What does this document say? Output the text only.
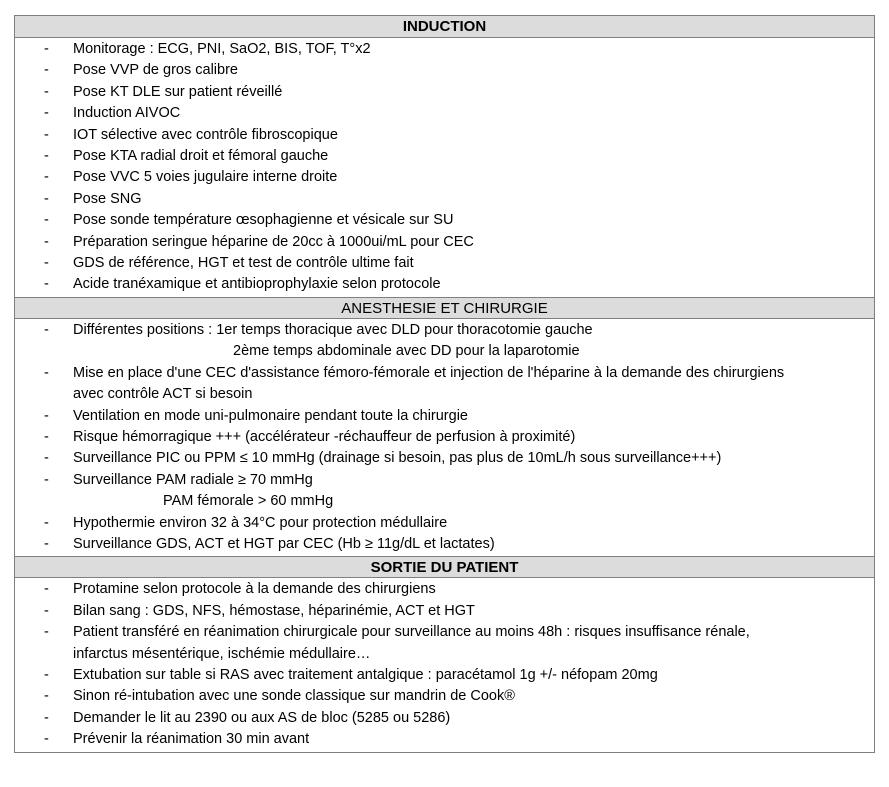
INDUCTION
-	Monitorage : ECG, PNI, SaO2, BIS, TOF, T°x2
-	Pose VVP de gros calibre
-	Pose KT DLE sur patient réveillé
-	Induction AIVOC
-	IOT sélective avec contrôle fibroscopique
-	Pose KTA radial droit et fémoral gauche
-	Pose VVC 5 voies jugulaire interne droite
-	Pose SNG
-	Pose sonde température œsophagienne et vésicale sur SU
-	Préparation seringue héparine de 20cc à 1000ui/mL pour CEC
-	GDS de référence, HGT et test de contrôle ultime fait
-	Acide tranéxamique et antibioprophylaxie selon protocole
ANESTHESIE ET CHIRURGIE
-	Différentes positions : 1er temps thoracique avec DLD pour thoracotomie gauche
2ème temps abdominale avec DD pour la laparotomie
-	Mise en place d'une CEC d'assistance fémoro-fémorale et injection de l'héparine à la demande des chirurgiens
avec contrôle ACT si besoin
-	Ventilation en mode uni-pulmonaire pendant toute la chirurgie
-	Risque hémorragique +++ (accélérateur -réchauffeur de perfusion à proximité)
-	Surveillance PIC ou PPM ≤ 10 mmHg (drainage si besoin, pas plus de 10mL/h sous surveillance+++)
-	Surveillance PAM radiale ≥ 70 mmHg
PAM fémorale > 60 mmHg
-	Hypothermie environ 32 à 34°C pour protection médullaire
-	Surveillance GDS, ACT et HGT par CEC (Hb ≥ 11g/dL et lactates)
SORTIE DU PATIENT
-	Protamine selon protocole à la demande des chirurgiens
-	Bilan sang : GDS, NFS, hémostase, héparinémie, ACT et HGT
-	Patient transféré en réanimation chirurgicale pour surveillance au moins 48h : risques insuffisance rénale,
infarctus mésentérique, ischémie médullaire…
-	Extubation sur table si RAS avec traitement antalgique : paracétamol 1g +/- néfopam 20mg
-	Sinon ré-intubation avec une sonde classique sur mandrin de Cook®
-	Demander le lit au 2390 ou aux AS de bloc (5285 ou 5286)
-	Prévenir la réanimation 30 min avant
